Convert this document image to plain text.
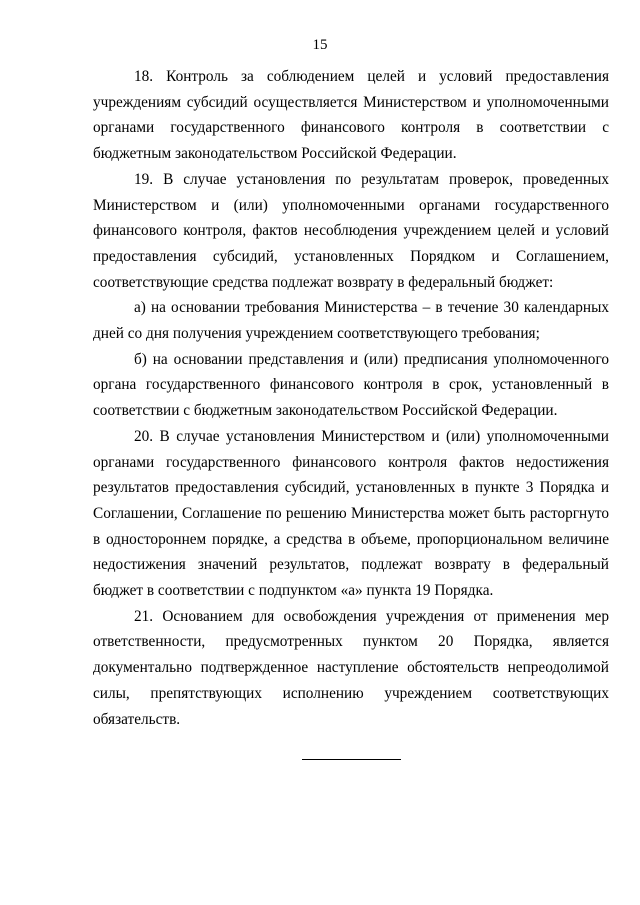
15

18. Контроль за соблюдением целей и условий предоставления учреждениям субсидий осуществляется Министерством и уполномоченными органами государственного финансового контроля в соответствии с бюджетным законодательством Российской Федерации.

19. В случае установления по результатам проверок, проведенных Министерством и (или) уполномоченными органами государственного финансового контроля, фактов несоблюдения учреждением целей и условий предоставления субсидий, установленных Порядком и Соглашением, соответствующие средства подлежат возврату в федеральный бюджет:

а) на основании требования Министерства – в течение 30 календарных дней со дня получения учреждением соответствующего требования;

б) на основании представления и (или) предписания уполномоченного органа государственного финансового контроля в срок, установленный в соответствии с бюджетным законодательством Российской Федерации.

20. В случае установления Министерством и (или) уполномоченными органами государственного финансового контроля фактов недостижения результатов предоставления субсидий, установленных в пункте 3 Порядка и Соглашении, Соглашение по решению Министерства может быть расторгнуто в одностороннем порядке, а средства в объеме, пропорциональном величине недостижения значений результатов, подлежат возврату в федеральный бюджет в соответствии с подпунктом «а» пункта 19 Порядка.

21. Основанием для освобождения учреждения от применения мер ответственности, предусмотренных пунктом 20 Порядка, является документально подтвержденное наступление обстоятельств непреодолимой силы, препятствующих исполнению учреждением соответствующих обязательств.
